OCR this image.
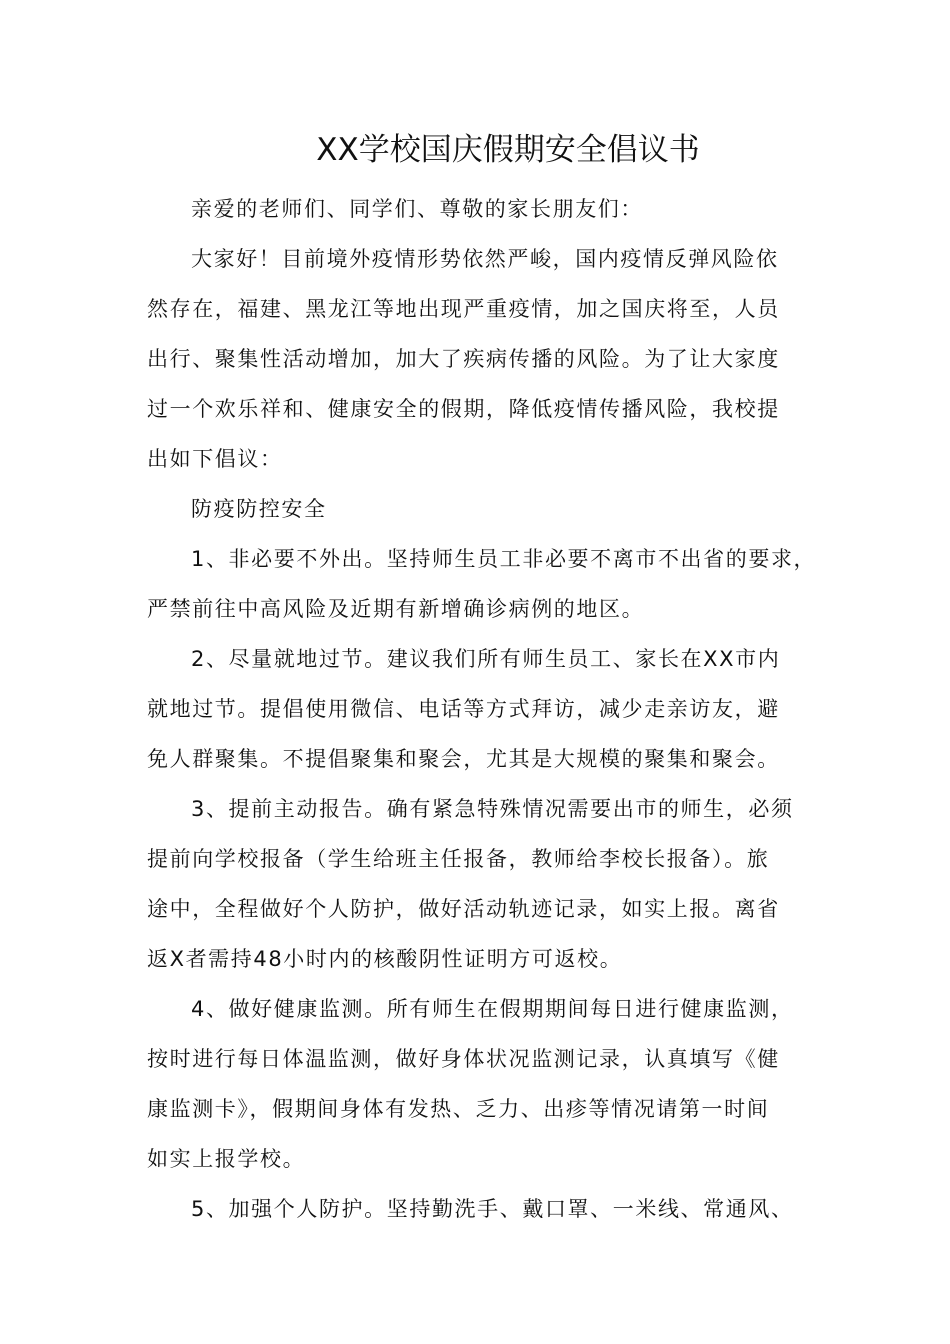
XX学校国庆假期安全倡议书
亲爱的老师们、同学们、尊敬的家长朋友们：
大家好！目前境外疫情形势依然严峻，国内疫情反弹风险依
然存在，福建、黑龙江等地出现严重疫情，加之国庆将至，人员
出行、聚集性活动增加，加大了疾病传播的风险。为了让大家度
过一个欢乐祥和、健康安全的假期，降低疫情传播风险，我校提
出如下倡议：
防疫防控安全
1、非必要不外出。坚持师生员工非必要不离市不出省的要求，
严禁前往中高风险及近期有新增确诊病例的地区。
2、尽量就地过节。建议我们所有师生员工、家长在XX市内
就地过节。提倡使用微信、电话等方式拜访，减少走亲访友，避
免人群聚集。不提倡聚集和聚会，尤其是大规模的聚集和聚会。
3、提前主动报告。确有紧急特殊情况需要出市的师生，必须
提前向学校报备（学生给班主任报备，教师给李校长报备）。旅
途中，全程做好个人防护，做好活动轨迹记录，如实上报。离省
返X者需持48小时内的核酸阴性证明方可返校。
4、做好健康监测。所有师生在假期期间每日进行健康监测，
按时进行每日体温监测，做好身体状况监测记录，认真填写《健
康监测卡》，假期间身体有发热、乏力、出疹等情况请第一时间
如实上报学校。
5、加强个人防护。坚持勤洗手、戴口罩、一米线、常通风、
